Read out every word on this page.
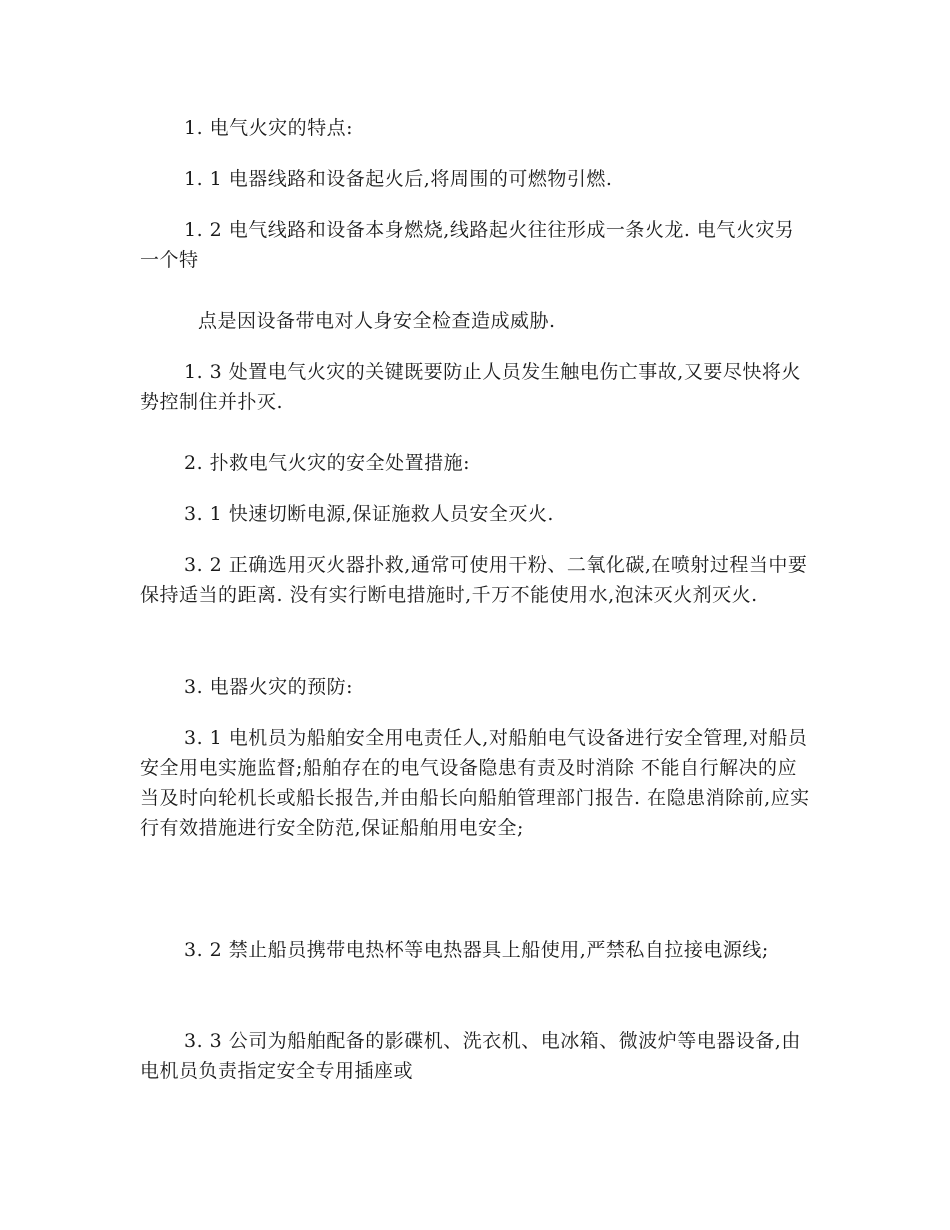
1. 电气火灾的特点:

1. 1 电器线路和设备起火后,将周围的可燃物引燃.

1. 2 电气线路和设备本身燃烧,线路起火往往形成一条火龙. 电气火灾另一个特

点是因设备带电对人身安全检查造成威胁.

1. 3 处置电气火灾的关键既要防止人员发生触电伤亡事故,又要尽快将火势控制住并扑灭.

2. 扑救电气火灾的安全处置措施:

3. 1 快速切断电源,保证施救人员安全灭火.

3. 2 正确选用灭火器扑救,通常可使用干粉、二氧化碳,在喷射过程当中要保持适当的距离. 没有实行断电措施时,千万不能使用水,泡沫灭火剂灭火.

3. 电器火灾的预防:

3. 1 电机员为船舶安全用电责任人,对船舶电气设备进行安全管理,对船员安全用电实施监督;船舶存在的电气设备隐患有责及时消除 不能自行解决的应当及时向轮机长或船长报告,并由船长向船舶管理部门报告. 在隐患消除前,应实行有效措施进行安全防范,保证船舶用电安全;

3. 2 禁止船员携带电热杯等电热器具上船使用,严禁私自拉接电源线;

3. 3 公司为船舶配备的影碟机、洗衣机、电冰箱、微波炉等电器设备,由电机员负责指定安全专用插座或
